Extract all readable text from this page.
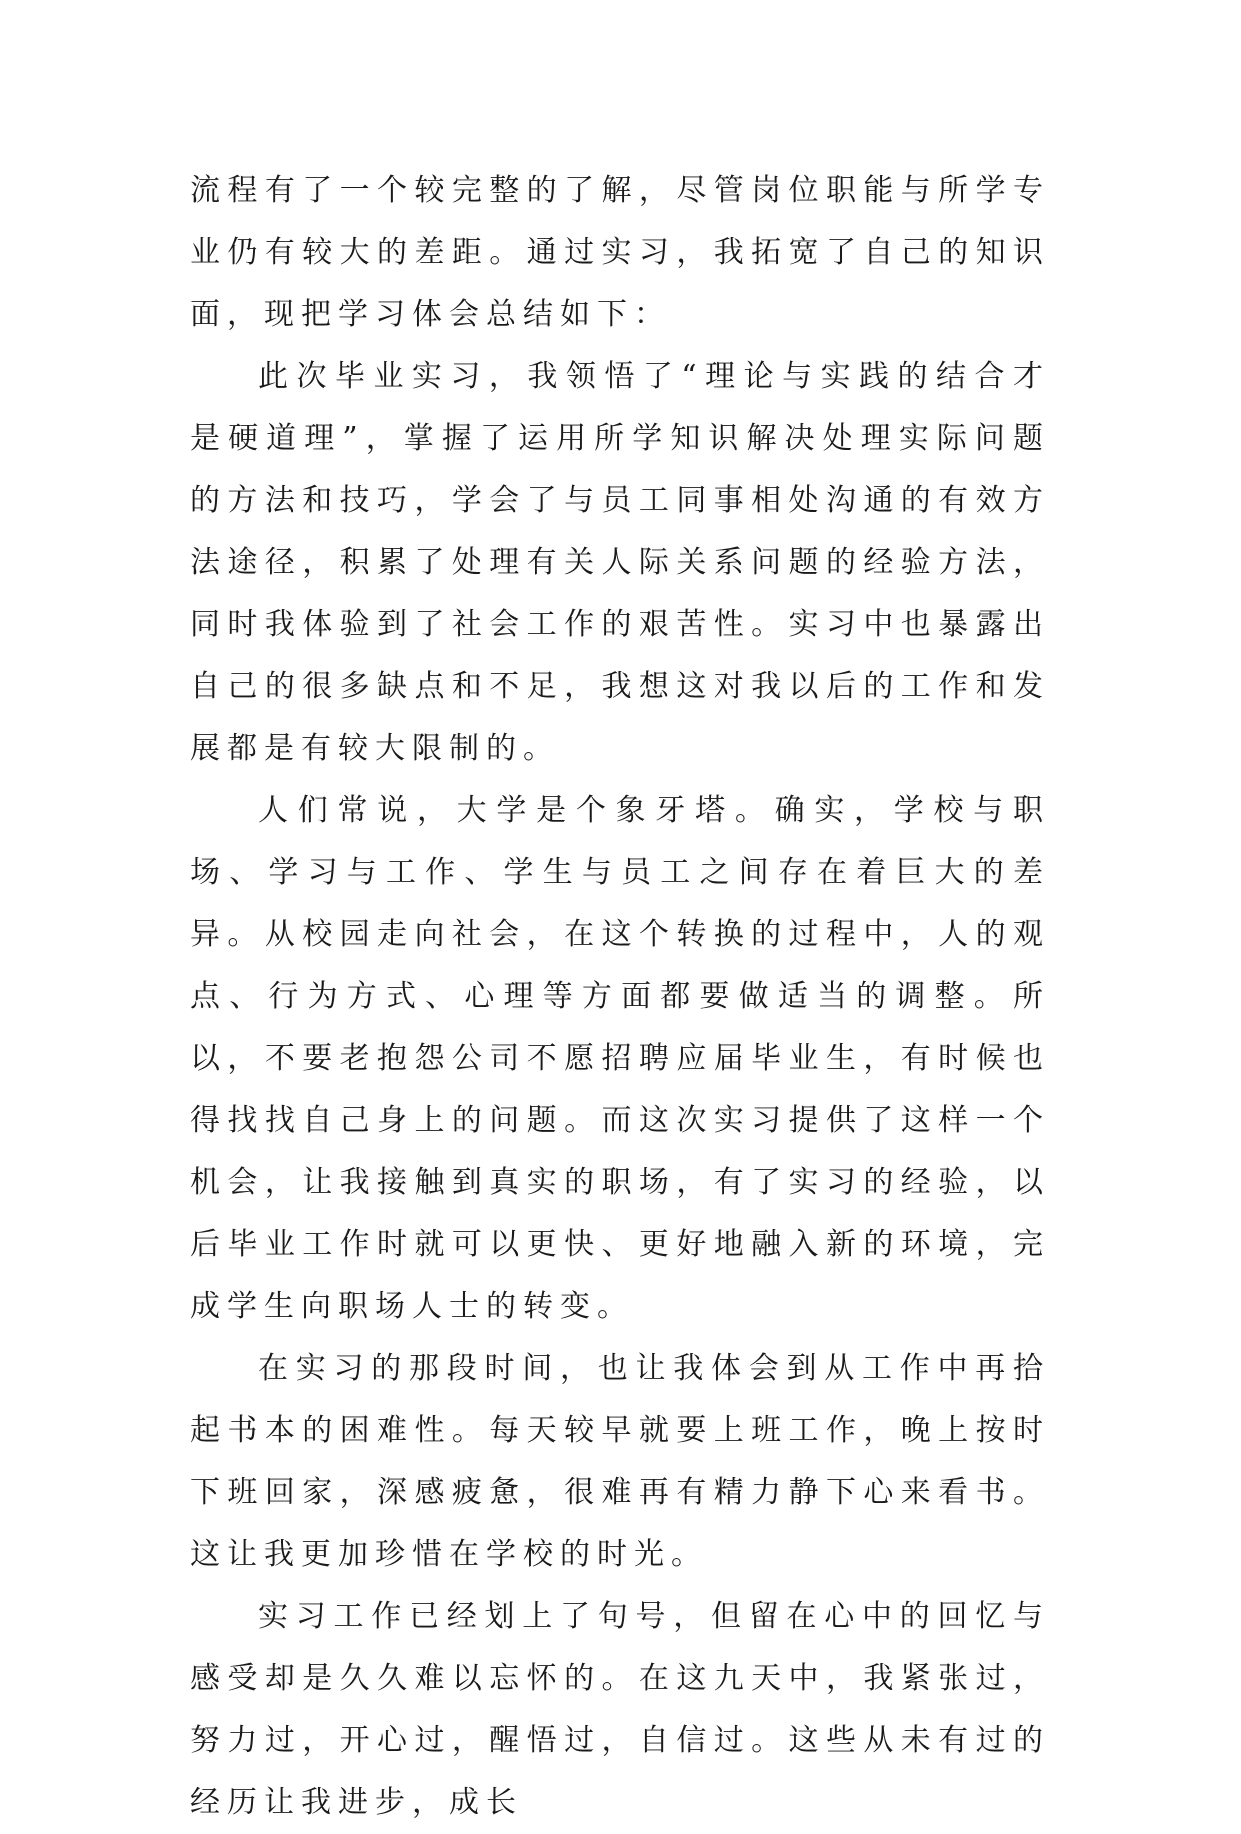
流程有了一个较完整的了解，尽管岗位职能与所学专业仍有较大的差距。通过实习，我拓宽了自己的知识面，现把学习体会总结如下：

此次毕业实习，我领悟了“理论与实践的结合才是硬道理”，掌握了运用所学知识解决处理实际问题的方法和技巧，学会了与员工同事相处沟通的有效方法途径，积累了处理有关人际关系问题的经验方法，同时我体验到了社会工作的艰苦性。实习中也暴露出自己的很多缺点和不足，我想这对我以后的工作和发展都是有较大限制的。

人们常说，大学是个象牙塔。确实，学校与职场、学习与工作、学生与员工之间存在着巨大的差异。从校园走向社会，在这个转换的过程中，人的观点、行为方式、心理等方面都要做适当的调整。所以，不要老抱怨公司不愿招聘应届毕业生，有时候也得找找自己身上的问题。而这次实习提供了这样一个机会，让我接触到真实的职场，有了实习的经验，以后毕业工作时就可以更快、更好地融入新的环境，完成学生向职场人士的转变。

在实习的那段时间，也让我体会到从工作中再拾起书本的困难性。每天较早就要上班工作，晚上按时下班回家，深感疲惫，很难再有精力静下心来看书。这让我更加珍惜在学校的时光。

实习工作已经划上了句号，但留在心中的回忆与感受却是久久难以忘怀的。在这九天中，我紧张过，努力过，开心过，醒悟过，自信过。这些从未有过的经历让我进步，成长
